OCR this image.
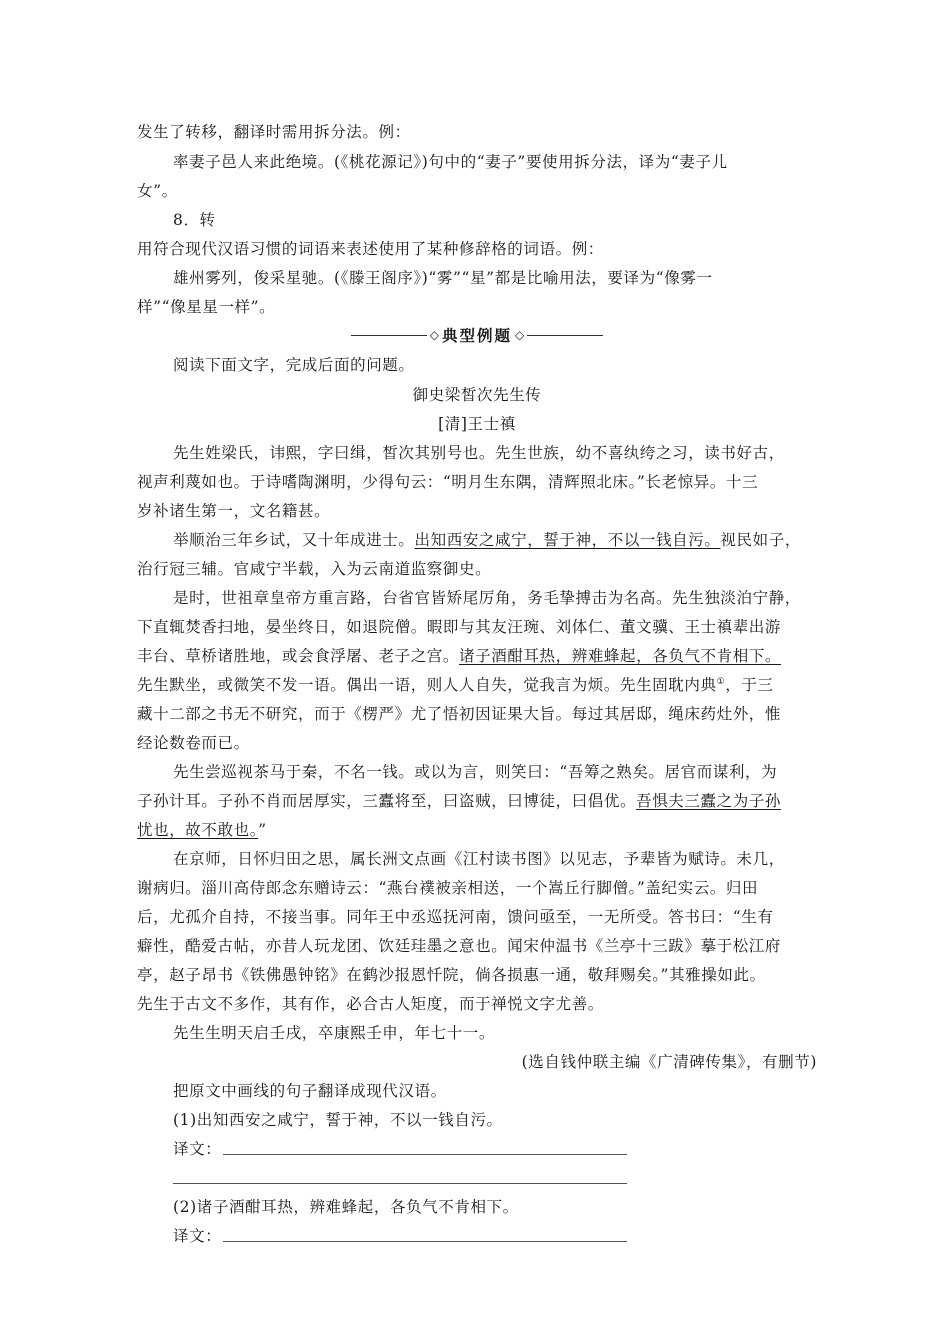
发生了转移，翻译时需用拆分法。例：
率妻子邑人来此绝境。(《桃花源记》)句中的“妻子”要使用拆分法，译为“妻子儿
女”。
8．转
用符合现代汉语习惯的词语来表述使用了某种修辞格的词语。例：
雄州雾列，俊采星驰。(《滕王阁序》)“雾”“星”都是比喻用法，要译为“像雾一
样”“像星星一样”。
◇ 典型例题 ◇
阅读下面文字，完成后面的问题。
御史梁皙次先生传
[清]王士禛
先生姓梁氏，讳熙，字曰缉，皙次其别号也。先生世族，幼不喜纨绔之习，读书好古，
视声利蔑如也。于诗嗜陶渊明，少得句云：“明月生东隅，清辉照北床。”长老惊异。十三
岁补诸生第一，文名籍甚。
举顺治三年乡试，又十年成进士。出知西安之咸宁，誓于神，不以一钱自污。视民如子，
治行冠三辅。官咸宁半载，入为云南道监察御史。
是时，世祖章皇帝方重言路，台省官皆矫尾厉角，务毛挚搏击为名高。先生独淡泊宁静，
下直辄焚香扫地，晏坐终日，如退院僧。暇即与其友汪琬、刘体仁、董文骥、王士禛辈出游
丰台、草桥诸胜地，或会食浮屠、老子之宫。诸子酒酣耳热，辨难蜂起，各负气不肯相下。
先生默坐，或微笑不发一语。偶出一语，则人人自失，觉我言为烦。先生固耽内典①，于三
藏十二部之书无不研究，而于《楞严》尤了悟初因证果大旨。每过其居邸，绳床药灶外，惟
经论数卷而已。
先生尝巡视茶马于秦，不名一钱。或以为言，则笑曰：“吾筹之熟矣。居官而谋利，为
子孙计耳。子孙不肖而居厚实，三蠹将至，曰盗贼，曰博徒，曰倡优。吾惧夫三蠹之为子孙
忧也，故不敢也。”
在京师，日怀归田之思，属长洲文点画《江村读书图》以见志，予辈皆为赋诗。未几，
谢病归。淄川高侍郎念东赠诗云：“燕台襆被亲相送，一个嵩丘行脚僧。”盖纪实云。归田
后，尤孤介自持，不接当事。同年王中丞巡抚河南，馈问亟至，一无所受。答书曰：“生有
癖性，酷爱古帖，亦昔人玩龙团、饮廷珪墨之意也。闻宋仲温书《兰亭十三跋》摹于松江府
亭，赵子昂书《铁佛愚钟铭》在鹤沙报恩忏院，倘各损惠一通，敬拜赐矣。”其雅操如此。
先生于古文不多作，其有作，必合古人矩度，而于禅悦文字尤善。
先生生明天启壬戌，卒康熙壬申，年七十一。
(选自钱仲联主编《广清碑传集》，有删节)
把原文中画线的句子翻译成现代汉语。
(1)出知西安之咸宁，誓于神，不以一钱自污。
译文：
(2)诸子酒酣耳热，辨难蜂起，各负气不肯相下。
译文：
